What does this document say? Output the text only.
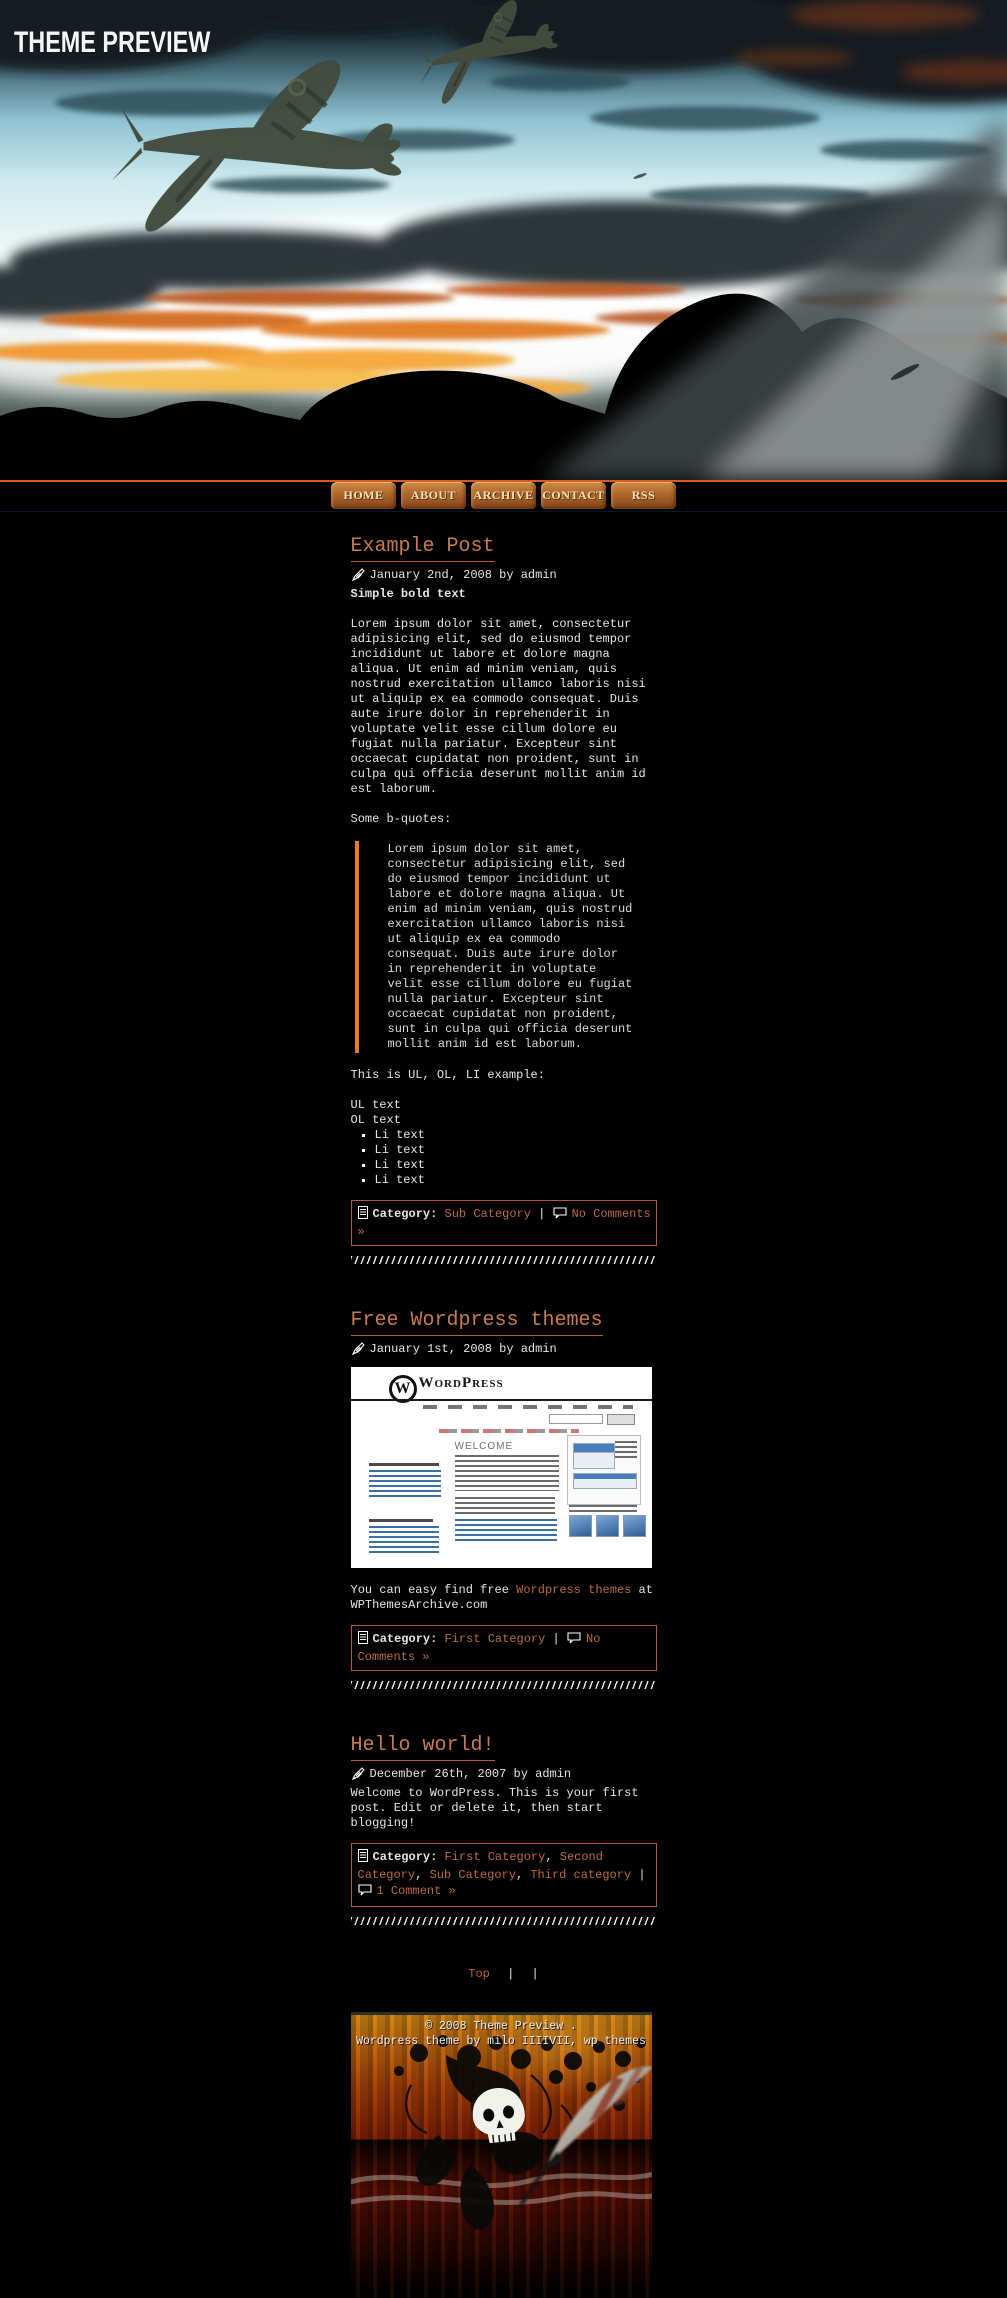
THEME PREVIEW
HOME	ABOUT	ARCHIVE CONTACT	RSS
Example Post
January 2nd, 2008 by admin
Simple bold text

Lorem ipsum dolor sit amet, consectetur adipisicing elit, sed do eiusmod tempor incididunt ut labore et dolore magna aliqua. Ut enim ad minim veniam, quis nostrud exercitation ullamco laboris nisi ut aliquip ex ea commodo consequat. Duis aute irure dolor in reprehenderit in voluptate velit esse cillum dolore eu fugiat nulla pariatur. Excepteur sint occaecat cupidatat non proident, sunt in culpa qui officia deserunt mollit anim id est laborum.

Some b-quotes:

Lorem ipsum dolor sit amet, consectetur adipisicing elit, sed do eiusmod tempor incididunt ut labore et dolore magna aliqua. Ut enim ad minim veniam, quis nostrud exercitation ullamco laboris nisi ut aliquip ex ea commodo consequat. Duis aute irure dolor in reprehenderit in voluptate velit esse cillum dolore eu fugiat nulla pariatur. Excepteur sint occaecat cupidatat non proident, sunt in culpa qui officia deserunt mollit anim id est laborum.

This is UL, OL, LI example:

UL text
OL text
▪ Li text
▪ Li text
▪ Li text
▪ Li text
Category: Sub Category | No Comments »
Free Wordpress themes
January 1st, 2008 by admin
W WordPress
WELCOME

You can easy find free Wordpress themes at WPThemesArchive.com

Category: First Category | No Comments »
Hello world!
December 26th, 2007 by admin
Welcome to WordPress. This is your first post. Edit or delete it, then start blogging!
Category: First Category, Second Category, Sub Category, Third category | 1 Comment »
Top | |
© 2008 Theme Preview .
Wordpress theme by milo IIIIVII, wp themes
